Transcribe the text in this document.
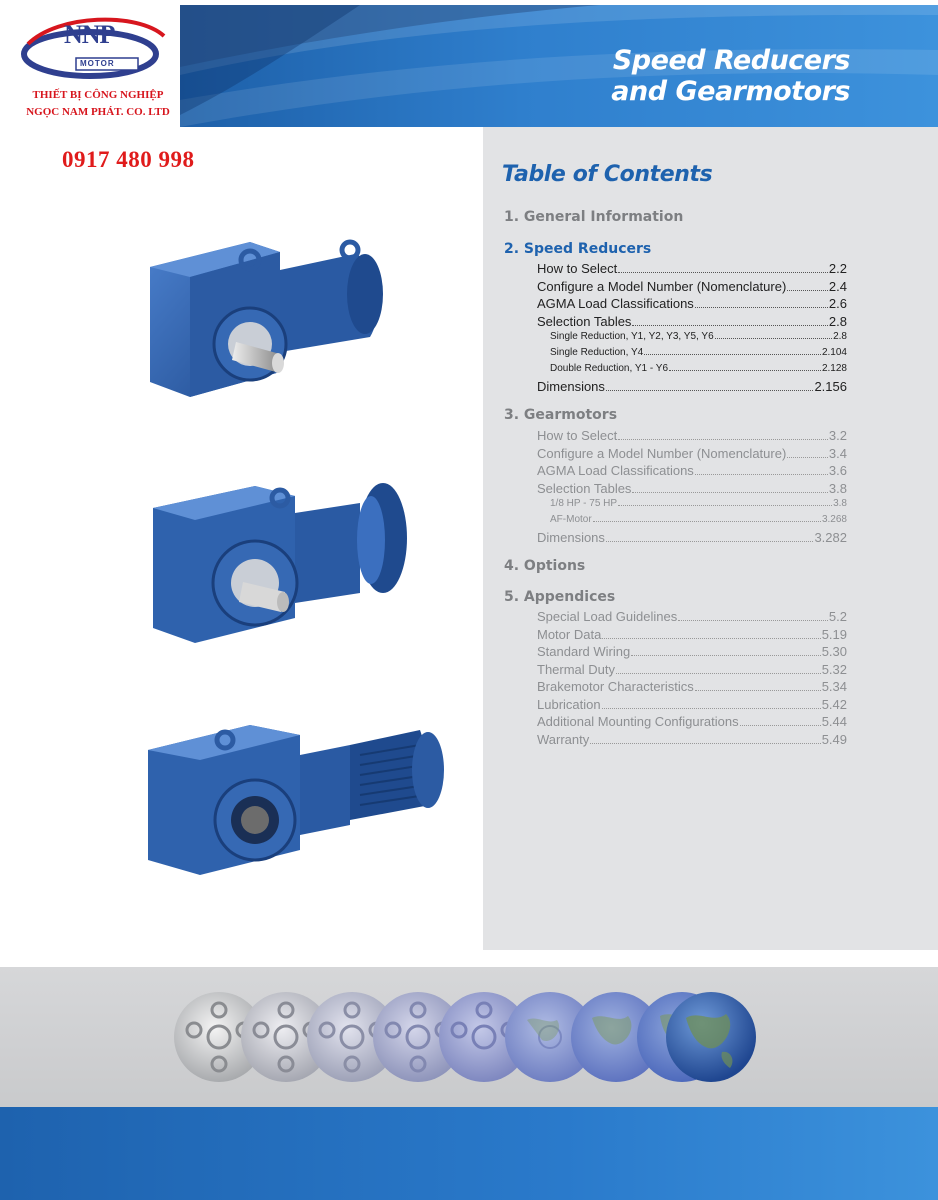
Speed Reducers
and Gearmotors
NNP
MOTOR
THIẾT BỊ CÔNG NGHIỆP
NGỌC NAM PHÁT. CO. LTD
0917 480 998
Table of Contents
1. General Information
2. Speed Reducers
How to Select	2.2
Configure a Model Number (Nomenclature)	2.4
AGMA Load Classifications	2.6
Selection Tables	2.8
Single Reduction, Y1, Y2, Y3, Y5, Y6	2.8
Single Reduction, Y4	2.104
Double Reduction, Y1 - Y6	2.128
Dimensions	2.156
3. Gearmotors
How to Select	3.2
Configure a Model Number (Nomenclature)	3.4
AGMA Load Classifications	3.6
Selection Tables	3.8
1/8 HP - 75 HP	3.8
AF-Motor	3.268
Dimensions	3.282
4. Options
5. Appendices
Special Load Guidelines	5.2
Motor Data	5.19
Standard Wiring	5.30
Thermal Duty	5.32
Brakemotor Characteristics	5.34
Lubrication	5.42
Additional Mounting Configurations	5.44
Warranty	5.49
